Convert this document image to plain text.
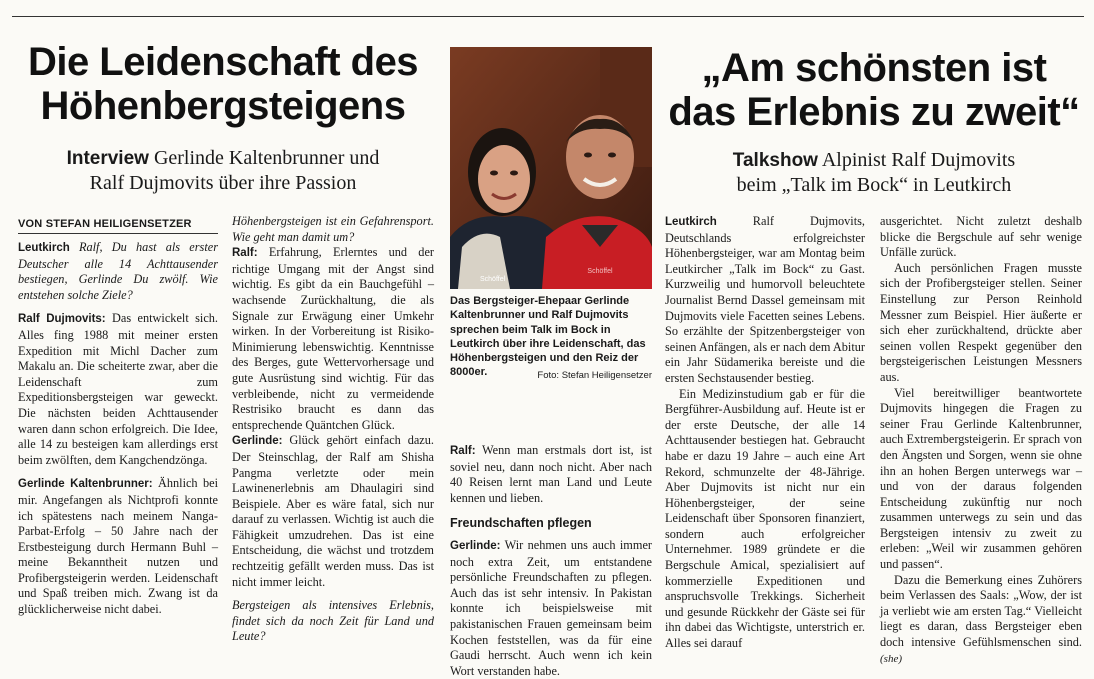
Die Leidenschaft des
Höhenbergsteigens
Interview Gerlinde Kaltenbrunner und
Ralf Dujmovits über ihre Passion
VON STEFAN HEILIGENSETZER

Leutkirch Ralf, Du hast als erster Deutscher alle 14 Achttausender bestiegen, Gerlinde Du zwölf. Wie entstehen solche Ziele?

Ralf Dujmovits: Das entwickelt sich. Alles fing 1988 mit meiner ersten Expedition mit Michl Dacher zum Makalu an. Die scheiterte zwar, aber die Leidenschaft zum Expeditionsbergsteigen war geweckt. Die nächsten beiden Achttausender waren dann schon erfolgreich. Die Idee, alle 14 zu besteigen kam allerdings erst beim zwölften, dem Kangchendzönga.

Gerlinde Kaltenbrunner: Ähnlich bei mir. Angefangen als Nichtprofi konnte ich spätestens nach meinem Nanga-Parbat-Erfolg – 50 Jahre nach der Erstbesteigung durch Hermann Buhl – meine Bekanntheit nutzen und Profibergsteigerin werden. Leidenschaft und Spaß treiben mich. Zwang ist da glücklicherweise nicht dabei.

Höhenbergsteigen ist ein Gefahrensport. Wie geht man damit um?

Ralf: Erfahrung, Erlerntes und der richtige Umgang mit der Angst sind wichtig. Es gibt da ein Bauchgefühl – wachsende Zurückhaltung, die als Signale zur Erwägung einer Umkehr wirken. In der Vorbereitung ist Risiko-Minimierung lebenswichtig. Kenntnisse des Berges, gute Wettervorhersage und gute Ausrüstung sind wichtig. Für das verbleibende, nicht zu vermeidende Restrisiko braucht es dann das entsprechende Quäntchen Glück.

Gerlinde: Glück gehört einfach dazu. Der Steinschlag, der Ralf am Shisha Pangma verletzte oder mein Lawinenerlebnis am Dhaulagiri sind Beispiele. Aber es wäre fatal, sich nur darauf zu verlassen. Wichtig ist auch die Fähigkeit umzudrehen. Das ist eine Entscheidung, die wächst und trotzdem rechtzeitig gefällt werden muss. Das ist nicht immer leicht.

Bergsteigen als intensives Erlebnis, findet sich da noch Zeit für Land und Leute?

Schöffel
Schöffel
Das Bergsteiger-Ehepaar Gerlinde Kaltenbrunner und Ralf Dujmovits sprechen beim Talk im Bock in Leutkirch über ihre Leidenschaft, das Höhenbergsteigen und den Reiz der 8000er.	Foto: Stefan Heiligensetzer

Ralf: Wenn man erstmals dort ist, ist soviel neu, dann noch nicht. Aber nach 40 Reisen lernt man Land und Leute kennen und lieben.

Freundschaften pflegen

Gerlinde: Wir nehmen uns auch immer noch extra Zeit, um entstandene persönliche Freundschaften zu pflegen. Auch das ist sehr intensiv. In Pakistan konnte ich beispielsweise mit pakistanischen Frauen gemeinsam beim Kochen feststellen, was da für eine Gaudi herrscht. Auch wenn ich kein Wort verstanden habe.

„Am schönsten ist
das Erlebnis zu zweit“
Talkshow Alpinist Ralf Dujmovits
beim „Talk im Bock“ in Leutkirch

Leutkirch	Ralf Dujmovits, Deutschlands erfolgreichster Höhenbergsteiger, war am Montag beim Leutkircher „Talk im Bock“ zu Gast. Kurzweilig und humorvoll beleuchtete Journalist Bernd Dassel gemeinsam mit Dujmovits viele Facetten seines Lebens. So erzählte der Spitzenbergsteiger von seinen Anfängen, als er nach dem Abitur ein Jahr Südamerika bereiste und die ersten Sechstausender bestieg.

Ein Medizinstudium gab er für die Bergführer-Ausbildung auf. Heute ist er der erste Deutsche, der alle 14 Achttausender bestiegen hat. Gebraucht habe er dazu 19 Jahre – auch eine Art Rekord, schmunzelte der 48-Jährige. Aber Dujmovits ist nicht nur ein Höhenbergsteiger, der seine Leidenschaft über Sponsoren finanziert, sondern auch erfolgreicher Unternehmer. 1989 gründete er die Bergschule Amical, spezialisiert auf kommerzielle Expeditionen und anspruchsvolle Trekkings. Sicherheit und gesunde Rückkehr der Gäste sei für ihn dabei das Wichtigste, unterstrich er. Alles sei darauf

ausgerichtet. Nicht zuletzt deshalb blicke die Bergschule auf sehr wenige Unfälle zurück.

Auch persönlichen Fragen musste sich der Profibergsteiger stellen. Seiner Einstellung zur Person Reinhold Messner zum Beispiel. Hier äußerte er sich eher zurückhaltend, drückte aber seinen vollen Respekt gegenüber den bergsteigerischen Leistungen Messners aus.

Viel bereitwilliger beantwortete Dujmovits hingegen die Fragen zu seiner Frau Gerlinde Kaltenbrunner, auch Extrembergsteigerin. Er sprach von den Ängsten und Sorgen, wenn sie ohne ihn an hohen Bergen unterwegs war – und von der daraus folgenden Entscheidung zukünftig nur noch zusammen unterwegs zu sein und das Bergsteigen intensiv zu zweit zu erleben: „Weil wir zusammen gehören und passen“.

Dazu die Bemerkung eines Zuhörers beim Verlassen des Saals: „Wow, der ist ja verliebt wie am ersten Tag.“ Vielleicht liegt es daran, dass Bergsteiger eben doch intensive Gefühlsmenschen sind. (she)
